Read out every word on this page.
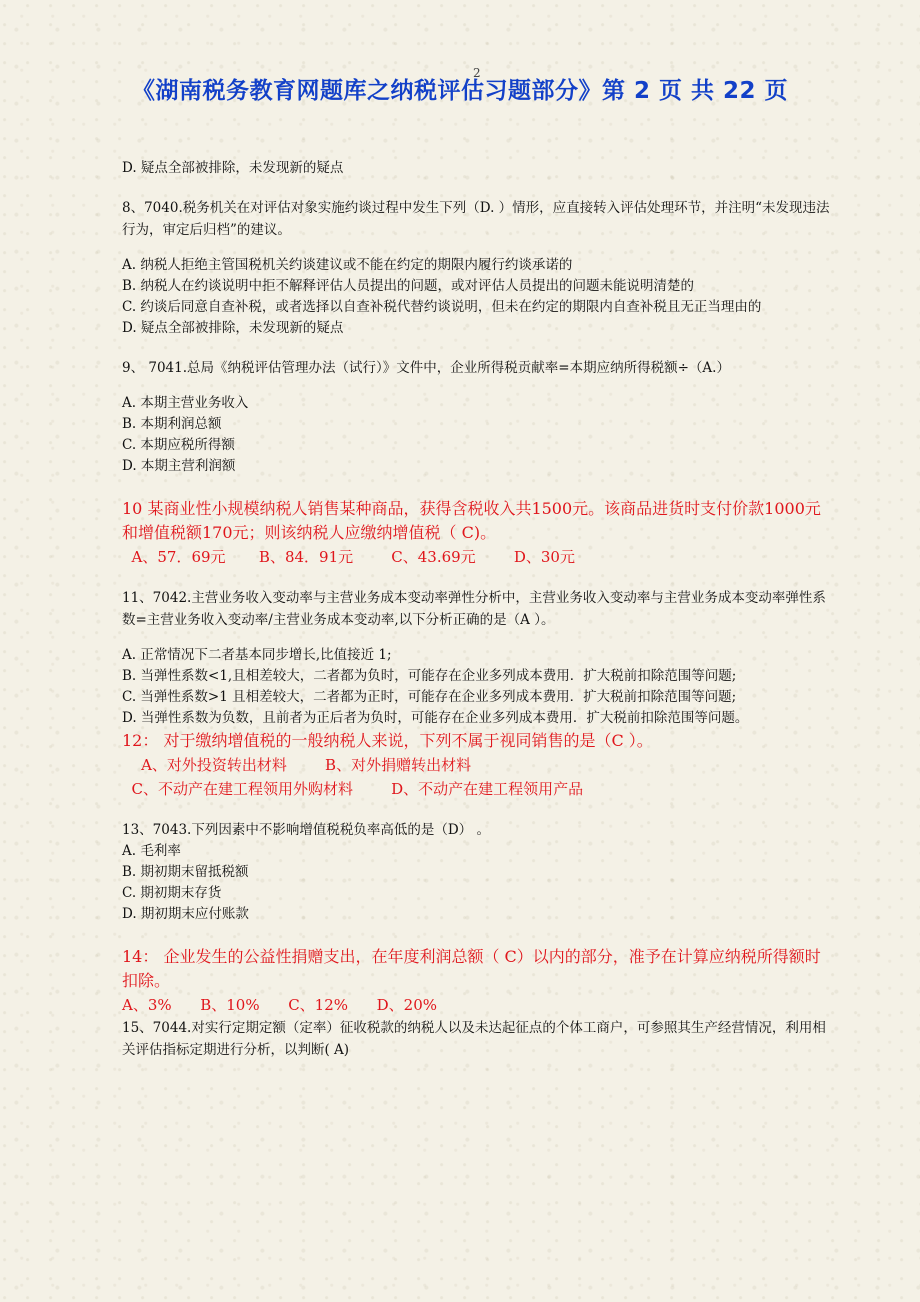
2
《湖南税务教育网题库之纳税评估习题部分》第 2 页 共 22 页

D. 疑点全部被排除，未发现新的疑点

8、7040.税务机关在对评估对象实施约谈过程中发生下列（D. ）情形，应直接转入评估处理环节，并注明“未发现违法行为，审定后归档”的建议。

A. 纳税人拒绝主管国税机关约谈建议或不能在约定的期限内履行约谈承诺的

B. 纳税人在约谈说明中拒不解释评估人员提出的问题，或对评估人员提出的问题未能说明清楚的

C. 约谈后同意自查补税，或者选择以自查补税代替约谈说明，但未在约定的期限内自查补税且无正当理由的

D. 疑点全部被排除，未发现新的疑点

9、 7041.总局《纳税评估管理办法（试行）》文件中，企业所得税贡献率=本期应纳所得税额÷（A.）

A. 本期主营业务收入

B. 本期利润总额

C. 本期应税所得额

D. 本期主营利润额

10 某商业性小规模纳税人销售某种商品，获得含税收入共1500元。该商品进货时支付价款1000元和增值税额170元；则该纳税人应缴纳增值税（ C)。

A、57．69元       B、84．91元        C、43.69元        D、30元

11、7042.主营业务收入变动率与主营业务成本变动率弹性分析中，主营业务收入变动率与主营业务成本变动率弹性系数=主营业务收入变动率/主营业务成本变动率,以下分析正确的是（A ）。

A. 正常情况下二者基本同步增长,比值接近 1;

B. 当弹性系数<1,且相差较大，二者都为负时，可能存在企业多列成本费用．扩大税前扣除范围等问题;

C. 当弹性系数>1 且相差较大，二者都为正时，可能存在企业多列成本费用．扩大税前扣除范围等问题;

D. 当弹性系数为负数，且前者为正后者为负时，可能存在企业多列成本费用．扩大税前扣除范围等问题。

12： 对于缴纳增值税的一般纳税人来说，下列不属于视同销售的是（C ）。

A、对外投资转出材料        B、对外捐赠转出材料

C、不动产在建工程领用外购材料        D、不动产在建工程领用产品

13、7043.下列因素中不影响增值税税负率高低的是（D） 。

A. 毛利率

B. 期初期末留抵税额

C. 期初期末存货

D. 期初期末应付账款

14： 企业发生的公益性捐赠支出，在年度利润总额（ C）以内的部分，准予在计算应纳税所得额时扣除。

A、3%      B、10%      C、12%      D、20%

15、7044.对实行定期定额（定率）征收税款的纳税人以及未达起征点的个体工商户，可参照其生产经营情况，利用相关评估指标定期进行分析，以判断( A)
